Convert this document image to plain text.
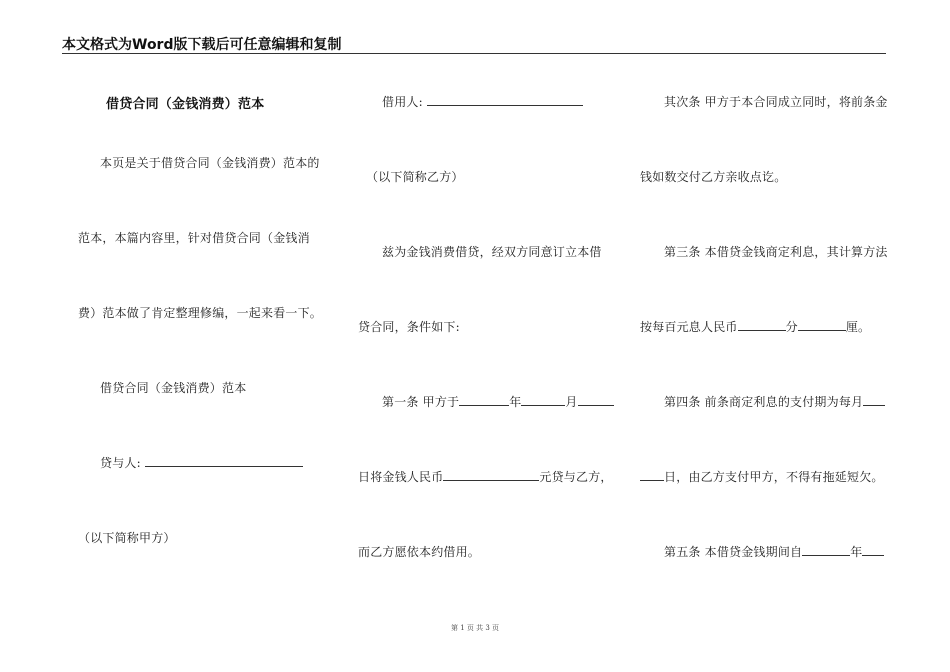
本文格式为Word版下载后可任意编辑和复制
借贷合同（金钱消费）范本
本页是关于借贷合同（金钱消费）范本的
范本，本篇内容里，针对借贷合同（金钱消
费）范本做了肯定整理修编，一起来看一下。
借贷合同（金钱消费）范本
贷与人:
（以下简称甲方）
借用人:
（以下简称乙方）
兹为金钱消费借贷，经双方同意订立本借
贷合同，条件如下:
第一条 甲方于	年	月
日将金钱人民币	元贷与乙方，
而乙方愿依本约借用。
其次条 甲方于本合同成立同时，将前条金
钱如数交付乙方亲收点讫。
第三条 本借贷金钱商定利息，其计算方法
按每百元息人民币	分	厘。
第四条 前条商定利息的支付期为每月
日，由乙方支付甲方，不得有拖延短欠。
第五条 本借贷金钱期间自	年
第 1 页 共 3 页
